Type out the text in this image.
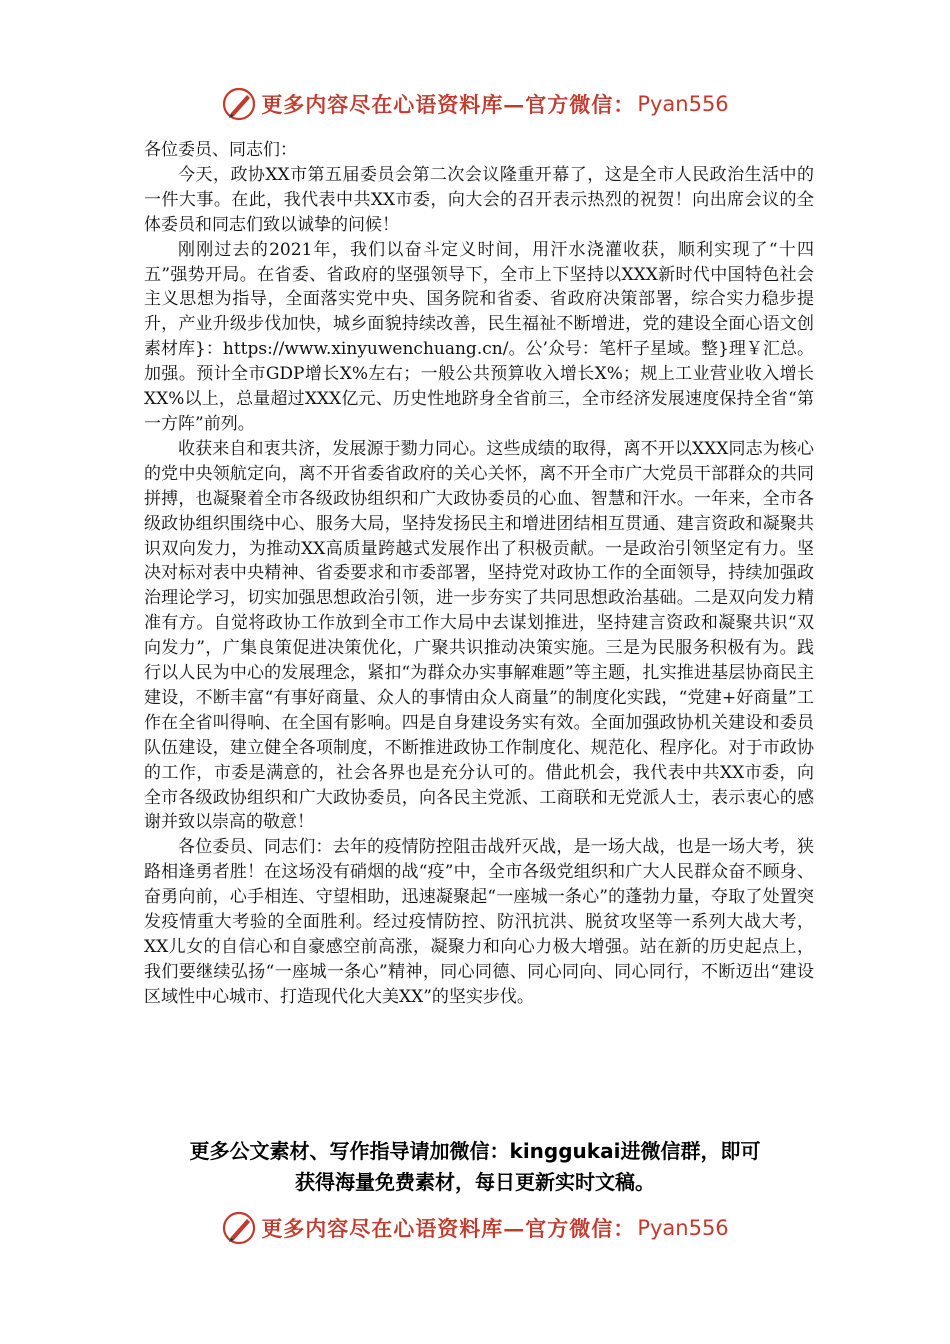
更多内容尽在心语资料库—官方微信： Pyan556

各位委员、同志们：

今天，政协XX市第五届委员会第二次会议隆重开幕了，这是全市人民政治生活中的一件大事。在此，我代表中共XX市委，向大会的召开表示热烈的祝贺！向出席会议的全体委员和同志们致以诚挚的问候！

刚刚过去的2021年，我们以奋斗定义时间，用汗水浇灌收获，顺利实现了“十四五”强势开局。在省委、省政府的坚强领导下，全市上下坚持以XXX新时代中国特色社会主义思想为指导，全面落实党中央、国务院和省委、省政府决策部署，综合实力稳步提升，产业升级步伐加快，城乡面貌持续改善，民生福祉不断增进，党的建设全面心语文创素材库}：https://www.xinyuwenchuang.cn/。公’众号：笔杆子星域。整}理￥汇总。加强。预计全市GDP增长X%左右；一般公共预算收入增长X%；规上工业营业收入增长XX%以上，总量超过XXX亿元、历史性地跻身全省前三，全市经济发展速度保持全省“第一方阵”前列。

收获来自和衷共济，发展源于勠力同心。这些成绩的取得，离不开以XXX同志为核心的党中央领航定向，离不开省委省政府的关心关怀，离不开全市广大党员干部群众的共同拼搏，也凝聚着全市各级政协组织和广大政协委员的心血、智慧和汗水。一年来，全市各级政协组织围绕中心、服务大局，坚持发扬民主和增进团结相互贯通、建言资政和凝聚共识双向发力，为推动XX高质量跨越式发展作出了积极贡献。一是政治引领坚定有力。坚决对标对表中央精神、省委要求和市委部署，坚持党对政协工作的全面领导，持续加强政治理论学习，切实加强思想政治引领，进一步夯实了共同思想政治基础。二是双向发力精准有方。自觉将政协工作放到全市工作大局中去谋划推进，坚持建言资政和凝聚共识“双向发力”，广集良策促进决策优化，广聚共识推动决策实施。三是为民服务积极有为。践行以人民为中心的发展理念，紧扣“为群众办实事解难题”等主题，扎实推进基层协商民主建设，不断丰富“有事好商量、众人的事情由众人商量”的制度化实践，“党建+好商量”工作在全省叫得响、在全国有影响。四是自身建设务实有效。全面加强政协机关建设和委员队伍建设，建立健全各项制度，不断推进政协工作制度化、规范化、程序化。对于市政协的工作，市委是满意的，社会各界也是充分认可的。借此机会，我代表中共XX市委，向全市各级政协组织和广大政协委员，向各民主党派、工商联和无党派人士，表示衷心的感谢并致以崇高的敬意！

各位委员、同志们：去年的疫情防控阻击战歼灭战，是一场大战，也是一场大考，狭路相逢勇者胜！在这场没有硝烟的战“疫”中，全市各级党组织和广大人民群众奋不顾身、奋勇向前，心手相连、守望相助，迅速凝聚起“一座城一条心”的蓬勃力量，夺取了处置突发疫情重大考验的全面胜利。经过疫情防控、防汛抗洪、脱贫攻坚等一系列大战大考，XX儿女的自信心和自豪感空前高涨，凝聚力和向心力极大增强。站在新的历史起点上，我们要继续弘扬“一座城一条心”精神，同心同德、同心同向、同心同行，不断迈出“建设区域性中心城市、打造现代化大美XX”的坚实步伐。

更多公文素材、写作指导请加微信：kinggukai进微信群，即可
获得海量免费素材，每日更新实时文稿。
更多内容尽在心语资料库—官方微信： Pyan556
